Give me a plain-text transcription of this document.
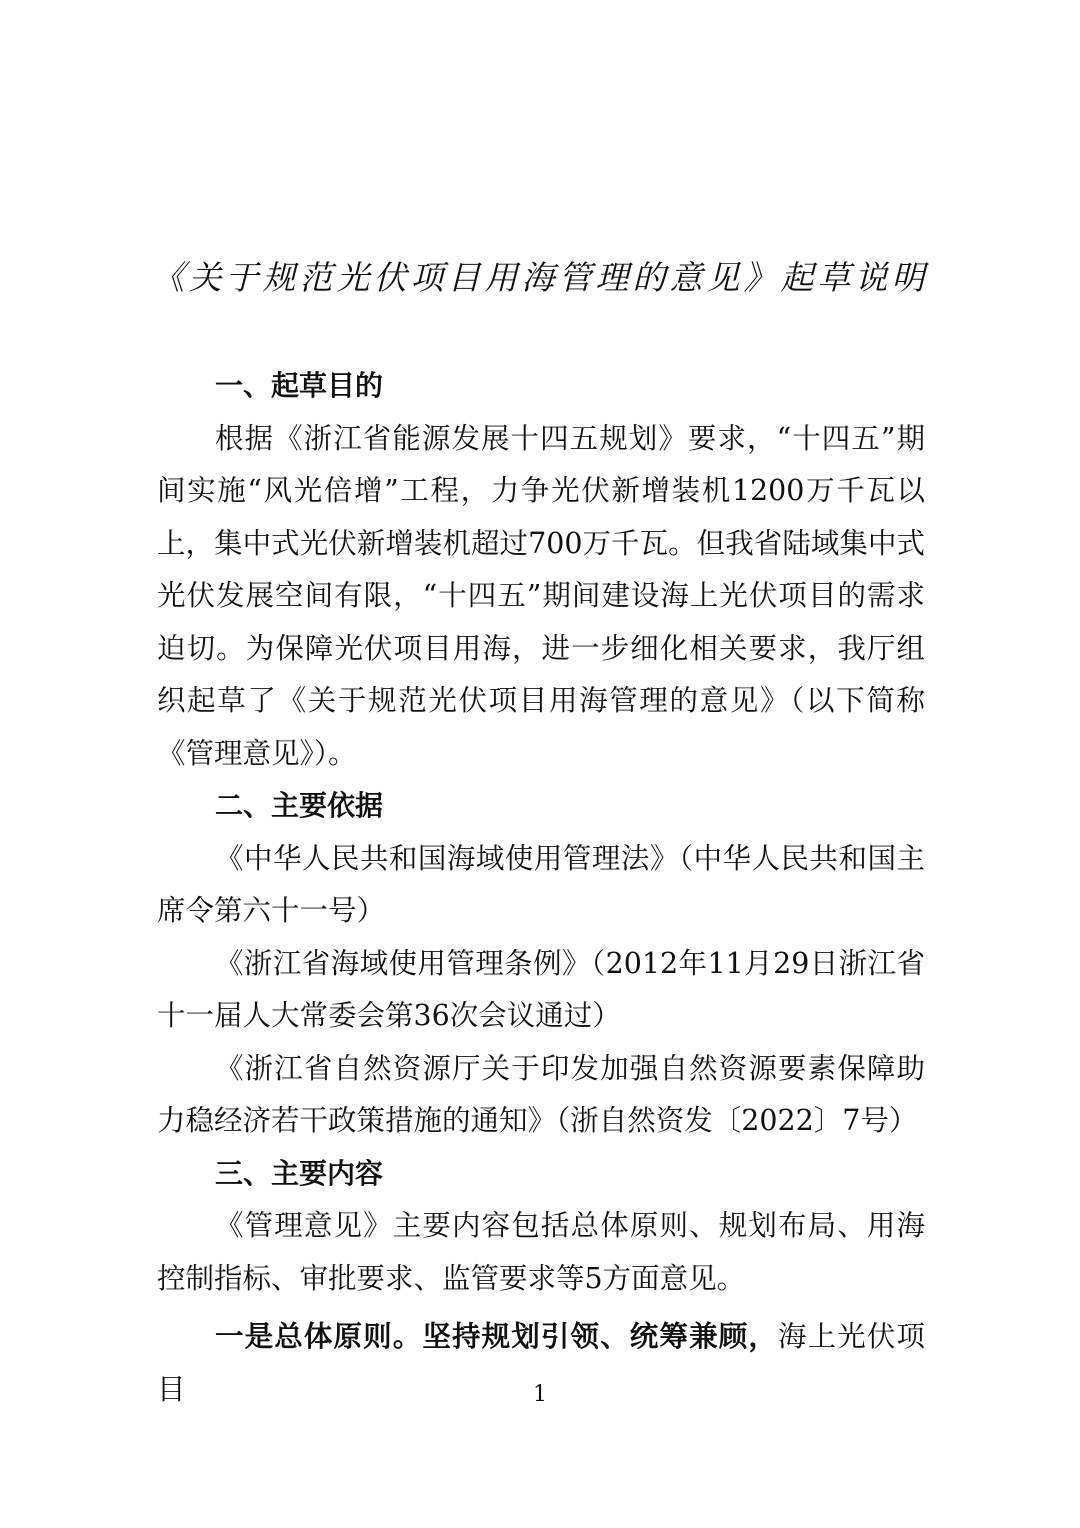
《关于规范光伏项目用海管理的意见》起草说明
一、起草目的

根据《浙江省能源发展十四五规划》要求，“十四五”期间实施“风光倍增”工程，力争光伏新增装机1200万千瓦以上，集中式光伏新增装机超过700万千瓦。但我省陆域集中式光伏发展空间有限，“十四五”期间建设海上光伏项目的需求迫切。为保障光伏项目用海，进一步细化相关要求，我厅组织起草了《关于规范光伏项目用海管理的意见》（以下简称《管理意见》）。

二、主要依据

《中华人民共和国海域使用管理法》（中华人民共和国主席令第六十一号）

《浙江省海域使用管理条例》（2012年11月29日浙江省十一届人大常委会第36次会议通过）

《浙江省自然资源厅关于印发加强自然资源要素保障助力稳经济若干政策措施的通知》（浙自然资发〔2022〕7号）

三、主要内容

《管理意见》主要内容包括总体原则、规划布局、用海控制指标、审批要求、监管要求等5方面意见。

一是总体原则。坚持规划引领、统筹兼顾，海上光伏项目	1
